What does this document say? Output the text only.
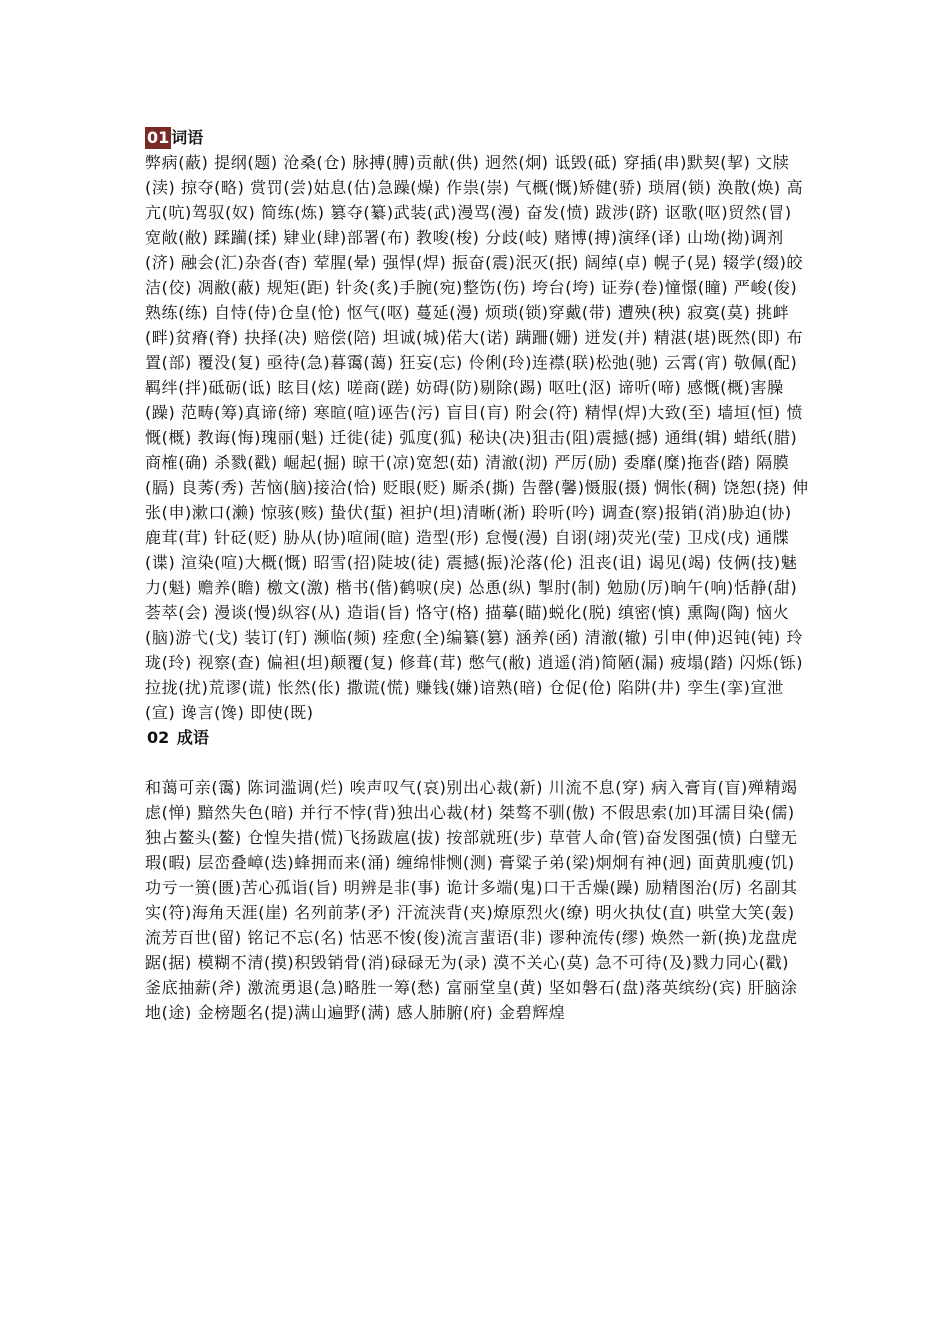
01 词语

弊病(蔽) 提纲(题) 沧桑(仓) 脉搏(膊)贡献(供) 迥然(炯) 诋毁(砥) 穿插(串)默契(挈) 文牍(渎) 掠夺(略) 赏罚(尝)姑息(估)急躁(燥) 作祟(崇) 气概(慨)矫健(骄) 琐屑(锁) 涣散(焕) 高亢(吭)驾驭(奴) 简练(炼) 篡夺(纂)武装(武)漫骂(漫) 奋发(愤) 跋涉(跻) 讴歌(呕)贸然(冒) 宽敞(敝) 蹂躏(揉) 肄业(肆)部署(布) 教唆(梭) 分歧(岐) 赌博(搏)演绎(译) 山坳(拗)调剂(济) 融会(汇)杂沓(杳) 荤腥(晕) 强悍(焊) 振奋(震)泯灭(抿) 阔绰(卓) 幌子(晃) 辍学(缀)皎洁(佼) 凋敝(蔽) 规矩(距) 针灸(炙)手腕(宛)整饬(伤) 垮台(垮) 证券(卷)憧憬(瞳) 严峻(俊) 熟练(练) 自恃(侍)仓皇(怆) 怄气(呕) 蔓延(漫) 烦琐(锁)穿戴(带) 遭殃(秧) 寂寞(莫) 挑衅(畔)贫瘠(脊) 抉择(决) 赔偿(陪) 坦诚(城)偌大(诺) 蹒跚(姗) 迸发(并) 精湛(堪)既然(即) 布置(部) 覆没(复) 亟待(急)暮霭(蔼) 狂妄(忘) 伶俐(玲)连襟(联)松弛(驰) 云霄(宵) 敬佩(配) 羁绊(拌)砥砺(诋) 眩目(炫) 嗟商(蹉) 妨碍(防)剔除(踢) 呕吐(沤) 谛听(啼) 感慨(概)害臊(躁) 范畴(筹)真谛(缔) 寒暄(喧)诬告(污) 盲目(肓) 附会(符) 精悍(焊)大致(至) 墙垣(恒) 愤慨(概) 教诲(悔)瑰丽(魁) 迁徙(徒) 弧度(狐) 秘诀(决)狙击(阻)震撼(撼) 通缉(辑) 蜡纸(腊)商榷(确) 杀戮(戳) 崛起(掘) 晾干(凉)宽恕(茹) 清澈(沏) 严厉(励) 委靡(糜)拖沓(踏) 隔膜(膈) 良莠(秀) 苦恼(脑)接洽(恰) 贬眼(贬) 厮杀(撕) 告罄(馨)慑服(摄) 惆怅(稠) 饶恕(挠) 伸张(申)漱口(濑) 惊骇(赅) 蛰伏(蜇) 袒护(坦)清晰(淅) 聆听(吟) 调查(察)报销(消)胁迫(协) 鹿茸(茸) 针砭(贬) 胁从(协)喧闹(暄) 造型(形) 怠慢(漫) 自诩(翊)荧光(莹) 卫戍(戌) 通牒(谍) 渲染(喧)大概(慨) 昭雪(招)陡坡(徒) 震撼(振)沦落(伦) 沮丧(诅) 谒见(竭) 伎俩(技)魅力(魁) 赡养(瞻) 檄文(激) 楷书(偕)鹤唳(戾) 怂恿(纵) 掣肘(制) 勉励(厉)晌午(响)恬静(甜) 荟萃(会) 漫谈(慢)纵容(从) 造诣(旨) 恪守(格) 描摹(瞄)蜕化(脱) 缜密(慎) 熏陶(陶) 恼火(脑)游弋(戈) 装订(钉) 濒临(频) 痊愈(全)编纂(篡) 涵养(函) 清澈(辙) 引申(伸)迟钝(钝) 玲珑(玲) 视察(查) 偏袒(坦)颠覆(复) 修葺(茸) 憋气(敝) 逍遥(消)简陋(漏) 疲塌(踏) 闪烁(铄)拉拢(扰)荒谬(谎) 怅然(伥) 撒谎(慌) 赚钱(嫌)谙熟(暗) 仓促(伧) 陷阱(井) 孪生(挛)宣泄(宣) 谗言(馋) 即使(既)

02 成语

和蔼可亲(霭) 陈词滥调(烂) 唉声叹气(哀)别出心裁(新) 川流不息(穿) 病入膏肓(盲)殚精竭虑(惮) 黯然失色(暗) 并行不悖(背)独出心裁(材) 桀骜不驯(傲) 不假思索(加)耳濡目染(儒) 独占鳌头(鳌) 仓惶失措(慌)飞扬跋扈(拔) 按部就班(步) 草菅人命(管)奋发图强(愤) 白璧无瑕(暇) 层峦叠嶂(迭)蜂拥而来(涌) 缠绵悱恻(测) 膏粱子弟(梁)炯炯有神(迥) 面黄肌瘦(饥)功亏一篑(匮)苦心孤诣(旨) 明辨是非(事) 诡计多端(鬼)口干舌燥(躁) 励精图治(厉) 名副其实(符)海角天涯(崖) 名列前茅(矛) 汗流浃背(夹)燎原烈火(缭) 明火执仗(直) 哄堂大笑(轰)流芳百世(留) 铭记不忘(名) 怙恶不悛(俊)流言蜚语(非) 谬种流传(缪) 焕然一新(换)龙盘虎踞(据) 模糊不清(摸)积毁销骨(消)碌碌无为(录) 漠不关心(莫) 急不可待(及)戮力同心(戳) 釜底抽薪(斧) 激流勇退(急)略胜一筹(愁) 富丽堂皇(黄) 坚如磐石(盘)落英缤纷(宾) 肝脑涂地(途) 金榜题名(提)满山遍野(满) 感人肺腑(府) 金碧辉煌
